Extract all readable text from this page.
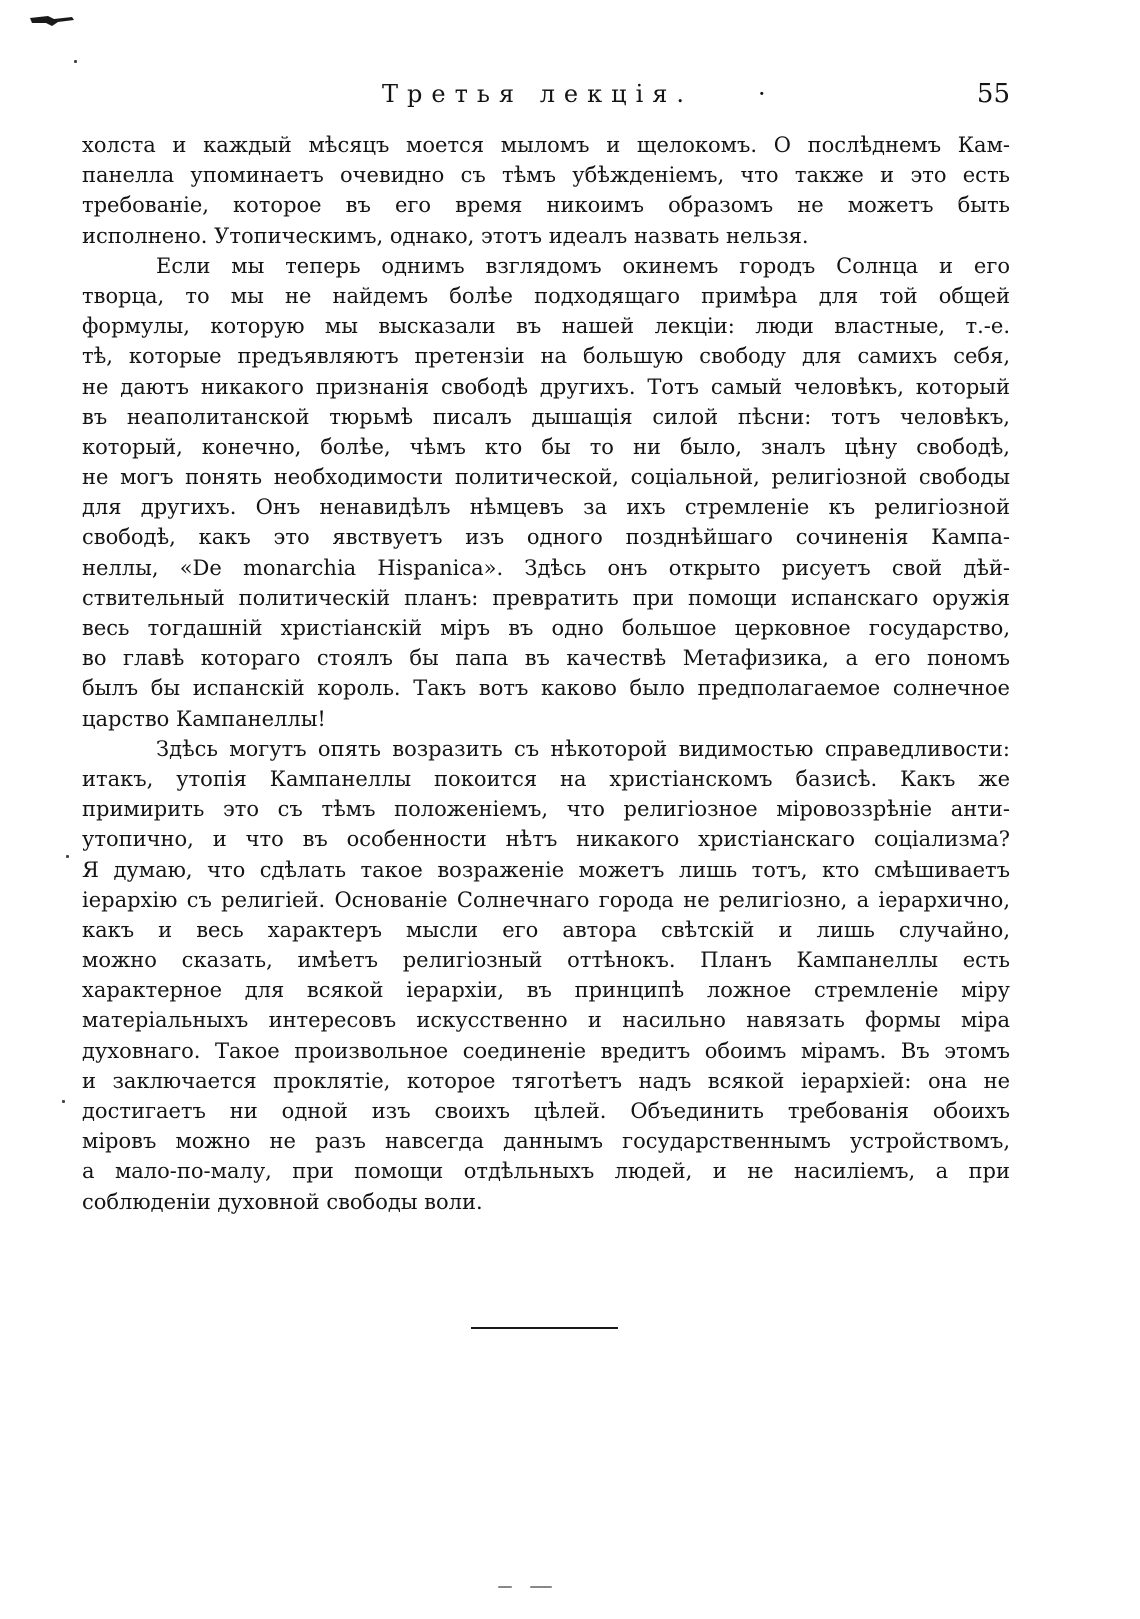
Третья лекція.	·	55
холста и каждый мѣсяцъ моется мыломъ и щелокомъ. О послѣднемъ Кам-
панелла упоминаетъ очевидно съ тѣмъ убѣжденіемъ, что также и это есть
требованіе, которое въ его время никоимъ образомъ не можетъ быть
исполнено. Утопическимъ, однако, этотъ идеалъ назвать нельзя.
Если мы теперь однимъ взглядомъ окинемъ городъ Солнца и его
творца, то мы не найдемъ болѣе подходящаго примѣра для той общей
формулы, которую мы высказали въ нашей лекціи: люди властные, т.-е.
тѣ, которые предъявляютъ претензіи на большую свободу для самихъ себя,
не даютъ никакого признанія свободѣ другихъ. Тотъ самый человѣкъ, который
въ неаполитанской тюрьмѣ писалъ дышащія силой пѣсни: тотъ человѣкъ,
который, конечно, болѣе, чѣмъ кто бы то ни было, зналъ цѣну свободѣ,
не могъ понять необходимости политической, соціальной, религіозной свободы
для другихъ. Онъ ненавидѣлъ нѣмцевъ за ихъ стремленіе къ религіозной
свободѣ, какъ это явствуетъ изъ одного позднѣйшаго сочиненія Кампа-
неллы, «De monarchia Hispanica». Здѣсь онъ открыто рисуетъ свой дѣй-
ствительный политическій планъ: превратить при помощи испанскаго оружія
весь тогдашній христіанскій міръ въ одно большое церковное государство,
во главѣ котораго стоялъ бы папа въ качествѣ Метафизика, а его пономъ
былъ бы испанскій король. Такъ вотъ каково было предполагаемое солнечное
царство Кампанеллы!
Здѣсь могутъ опять возразить съ нѣкоторой видимостью справедливости:
итакъ, утопія Кампанеллы покоится на христіанскомъ базисѣ. Какъ же
примирить это съ тѣмъ положеніемъ, что религіозное міровоззрѣніе анти-
утопично, и что въ особенности нѣтъ никакого христіанскаго соціализма?
Я думаю, что сдѣлать такое возраженіе можетъ лишь тотъ, кто смѣшиваетъ
іерархію съ религіей. Основаніе Солнечнаго города не религіозно, а іерархично,
какъ и весь характеръ мысли его автора свѣтскій и лишь случайно,
можно сказать, имѣетъ религіозный оттѣнокъ. Планъ Кампанеллы есть
характерное для всякой іерархіи, въ принципѣ ложное стремленіе міру
матеріальныхъ интересовъ искусственно и насильно навязать формы міра
духовнаго. Такое произвольное соединеніе вредитъ обоимъ мірамъ. Въ этомъ
и заключается проклятіе, которое тяготѣетъ надъ всякой іерархіей: она не
достигаетъ ни одной изъ своихъ цѣлей. Объединить требованія обоихъ
міровъ можно не разъ навсегда даннымъ государственнымъ устройствомъ,
а мало-по-малу, при помощи отдѣльныхъ людей, и не насиліемъ, а при
соблюденіи духовной свободы воли.
